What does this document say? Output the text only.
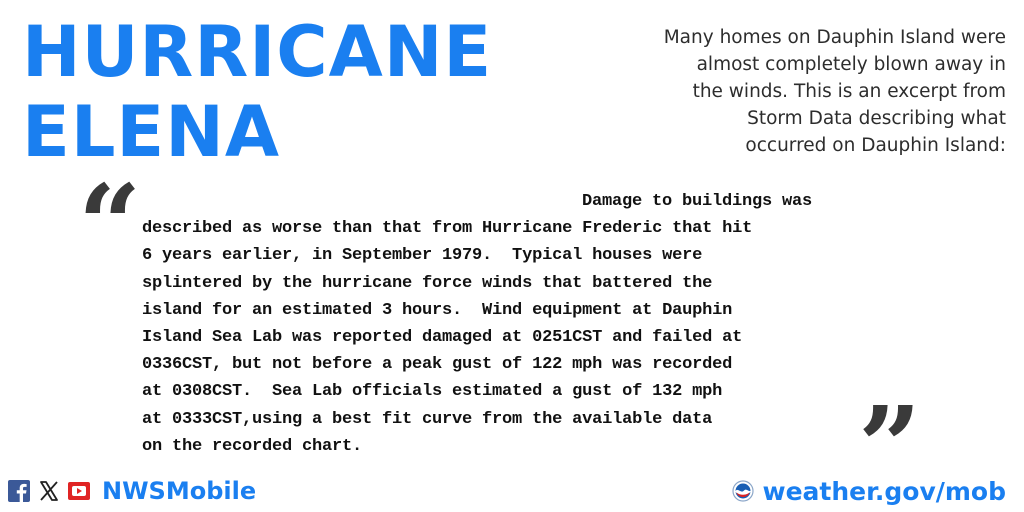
HURRICANE
ELENA
Many homes on Dauphin Island were
almost completely blown away in
the winds. This is an excerpt from
Storm Data describing what
occurred on Dauphin Island:
“	Damage to buildings was
described as worse than that from Hurricane Frederic that hit
6 years earlier, in September 1979.  Typical houses were
splintered by the hurricane force winds that battered the
island for an estimated 3 hours.  Wind equipment at Dauphin
Island Sea Lab was reported damaged at 0251CST and failed at
0336CST, but not before a peak gust of 122 mph was recorded
at 0308CST.  Sea Lab officials estimated a gust of 132 mph
at 0333CST,using a best fit curve from the available data
on the recorded chart.	”
NWSMobile	weather.gov/mob
